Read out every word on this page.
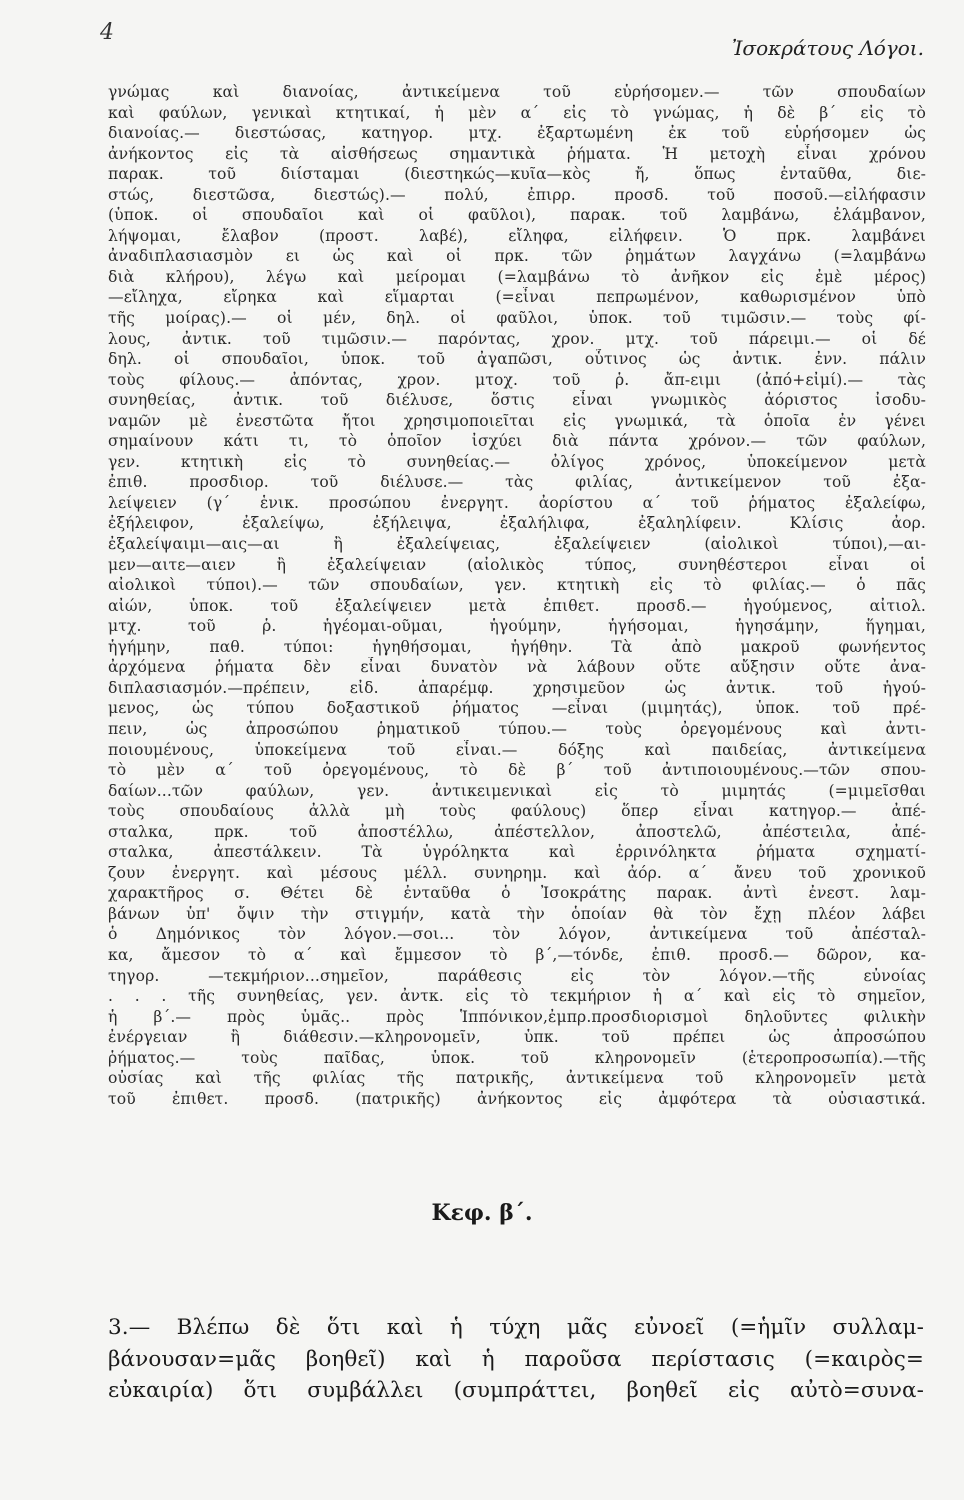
4
Ἰσοκράτους Λόγοι.
γνώμας καὶ διανοίας, ἀντικείμενα τοῦ εὑρήσομεν.— τῶν σπουδαίων
καὶ φαύλων, γενικαὶ κτητικαί, ἡ μὲν α΄ εἰς τὸ γνώμας, ἡ δὲ β΄ εἰς τὸ
διανοίας.— διεστώσας, κατηγορ. μτχ. ἐξαρτωμένη ἐκ τοῦ εὑρήσομεν ὡς
ἀνήκοντος εἰς τὰ αἰσθήσεως σημαντικὰ ῥήματα. Ἡ μετοχὴ εἶναι χρόνου
παρακ. τοῦ διίσταμαι (διεστηκώς—κυῖα—κὸς ἤ, ὅπως ἐνταῦθα, διε-
στώς, διεστῶσα, διεστώς).— πολύ, ἐπιρρ. προσδ. τοῦ ποσοῦ.—εἰλήφασιν
(ὑποκ. οἱ σπουδαῖοι καὶ οἱ φαῦλοι), παρακ. τοῦ λαμβάνω, ἐλάμβανον,
λήψομαι, ἔλαβον (προστ. λαβέ), εἴληφα, εἰλήφειν. Ὁ πρκ. λαμβάνει
ἀναδιπλασιασμὸν ει ὡς καὶ οἱ πρκ. τῶν ῥημάτων λαγχάνω (=λαμβάνω
διὰ κλήρου), λέγω καὶ μείρομαι (=λαμβάνω τὸ ἀνῆκον εἰς ἐμὲ μέρος)
—εἴληχα, εἴρηκα καὶ εἵμαρται (=εἶναι πεπρωμένον, καθωρισμένον ὑπὸ
τῆς μοίρας).— οἱ μέν, δηλ. οἱ φαῦλοι, ὑποκ. τοῦ τιμῶσιν.— τοὺς φί-
λους, ἀντικ. τοῦ τιμῶσιν.— παρόντας, χρον. μτχ. τοῦ πάρειμι.— οἱ δέ
δηλ. οἱ σπουδαῖοι, ὑποκ. τοῦ ἀγαπῶσι, οὗτινος ὡς ἀντικ. ἐνν. πάλιν
τοὺς φίλους.— ἀπόντας, χρον. μτοχ. τοῦ ῥ. ἄπ-ειμι (ἀπό+εἰμί).— τὰς
συνηθείας, ἀντικ. τοῦ διέλυσε, ὅστις εἶναι γνωμικὸς ἀόριστος ἰσοδυ-
ναμῶν μὲ ἐνεστῶτα ἤτοι χρησιμοποιεῖται εἰς γνωμικά, τὰ ὁποῖα ἐν γένει
σημαίνουν κάτι τι, τὸ ὁποῖον ἰσχύει διὰ πάντα χρόνον.— τῶν φαύλων,
γεν. κτητικὴ εἰς τὸ συνηθείας.— ὀλίγος χρόνος, ὑποκείμενον μετὰ
ἐπιθ. προσδιορ. τοῦ διέλυσε.— τὰς φιλίας, ἀντικείμενον τοῦ ἐξα-
λείψειεν (γ΄ ἑνικ. προσώπου ἐνεργητ. ἀορίστου α΄ τοῦ ῥήματος ἐξαλείφω,
ἐξήλειφον, ἐξαλείψω, ἐξήλειψα, ἐξαλήλιφα, ἐξαληλίφειν. Κλίσις ἀορ.
ἐξαλείψαιμι—αις—αι ἢ ἐξαλείψειας, ἐξαλείψειεν (αἰολικοὶ τύποι),—αι-
μεν—αιτε—αιεν ἢ ἐξαλείψειαν (αἰολικὸς τύπος, συνηθέστεροι εἶναι οἱ
αἰολικοὶ τύποι).— τῶν σπουδαίων, γεν. κτητικὴ εἰς τὸ φιλίας.— ὁ πᾶς
αἰών, ὑποκ. τοῦ ἐξαλείψειεν μετὰ ἐπιθετ. προσδ.— ἡγούμενος, αἰτιολ.
μτχ. τοῦ ῥ. ἡγέομαι-οῦμαι, ἡγούμην, ἡγήσομαι, ἡγησάμην, ἥγημαι,
ἡγήμην, παθ. τύποι: ἡγηθήσομαι, ἡγήθην. Τὰ ἀπὸ μακροῦ φωνήεντος
ἀρχόμενα ῥήματα δὲν εἶναι δυνατὸν νὰ λάβουν οὔτε αὔξησιν οὔτε ἀνα-
διπλασιασμόν.—πρέπειν, εἰδ. ἀπαρέμφ. χρησιμεῦον ὡς ἀντικ. τοῦ ἡγού-
μενος, ὡς τύπου δοξαστικοῦ ῥήματος —εἶναι (μιμητάς), ὑποκ. τοῦ πρέ-
πειν, ὡς ἀπροσώπου ῥηματικοῦ τύπου.— τοὺς ὀρεγομένους καὶ ἀντι-
ποιουμένους, ὑποκείμενα τοῦ εἶναι.— δόξης καὶ παιδείας, ἀντικείμενα
τὸ μὲν α΄ τοῦ ὀρεγομένους, τὸ δὲ β΄ τοῦ ἀντιποιουμένους.—τῶν σπου-
δαίων...τῶν φαύλων, γεν. ἀντικειμενικαὶ εἰς τὸ μιμητάς (=μιμεῖσθαι
τοὺς σπουδαίους ἀλλὰ μὴ τοὺς φαύλους) ὅπερ εἶναι κατηγορ.— ἀπέ-
σταλκα, πρκ. τοῦ ἀποστέλλω, ἀπέστελλον, ἀποστελῶ, ἀπέστειλα, ἀπέ-
σταλκα, ἀπεστάλκειν. Τὰ ὑγρόληκτα καὶ ἐρρινόληκτα ῥήματα σχηματί-
ζουν ἐνεργητ. καὶ μέσους μέλλ. συνηρημ. καὶ ἀόρ. α΄ ἄνευ τοῦ χρονικοῦ
χαρακτῆρος σ. Θέτει δὲ ἐνταῦθα ὁ Ἰσοκράτης παρακ. ἀντὶ ἐνεστ. λαμ-
βάνων ὑπ' ὄψιν τὴν στιγμήν, κατὰ τὴν ὁποίαν θὰ τὸν ἔχῃ πλέον λάβει
ὁ Δημόνικος τὸν λόγον.—σοι... τὸν λόγον, ἀντικείμενα τοῦ ἀπέσταλ-
κα, ἄμεσον τὸ α΄ καὶ ἔμμεσον τὸ β΄,—τόνδε, ἐπιθ. προσδ.— δῶρον, κα-
τηγορ. —τεκμήριον...σημεῖον, παράθεσις εἰς τὸν λόγον.—τῆς εὐνοίας
. . . τῆς συνηθείας, γεν. ἀντκ. εἰς τὸ τεκμήριον ἡ α΄ καὶ εἰς τὸ σημεῖον,
ἡ β΄.— πρὸς ὑμᾶς.. πρὸς Ἱππόνικον,ἐμπρ.προσδιορισμοὶ δηλοῦντες φιλικὴν
ἐνέργειαν ἢ διάθεσιν.—κληρονομεῖν, ὑπκ. τοῦ πρέπει ὡς ἀπροσώπου
ῥήματος.— τοὺς παῖδας, ὑποκ. τοῦ κληρονομεῖν (ἑτεροπροσωπία).—τῆς
οὐσίας καὶ τῆς φιλίας τῆς πατρικῆς, ἀντικείμενα τοῦ κληρονομεῖν μετὰ
τοῦ ἐπιθετ. προσδ. (πατρικῆς) ἀνήκοντος εἰς ἀμφότερα τὰ οὐσιαστικά.
Κεφ. β΄.
3.— Βλέπω δὲ ὅτι καὶ ἡ τύχη μᾶς εὐνοεῖ (=ἡμῖν συλλαμ-
βάνουσαν=μᾶς βοηθεῖ) καὶ ἡ παροῦσα περίστασις (=καιρὸς=
εὐκαιρία) ὅτι συμβάλλει (συμπράττει, βοηθεῖ εἰς αὐτὸ=συνα-
